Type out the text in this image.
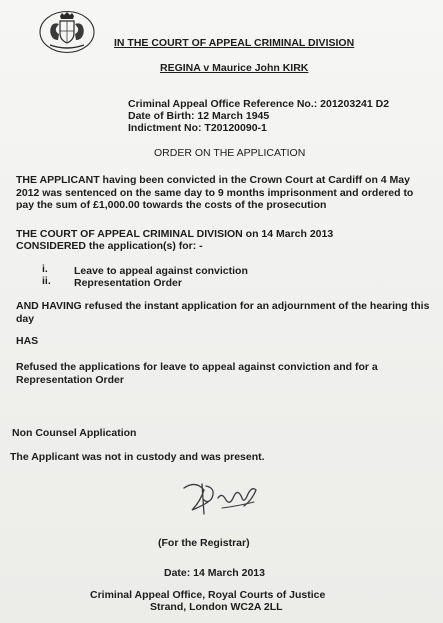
IN THE COURT OF APPEAL CRIMINAL DIVISION
REGINA v Maurice John KIRK
Criminal Appeal Office Reference No.: 201203241 D2
Date of Birth: 12 March 1945
Indictment No: T20120090-1
ORDER ON THE APPLICATION
THE APPLICANT having been convicted in the Crown Court at Cardiff on 4 May 2012 was sentenced on the same day to 9 months imprisonment and ordered to pay the sum of £1,000.00 towards the costs of the prosecution
THE COURT OF APPEAL CRIMINAL DIVISION on 14 March 2013
CONSIDERED the application(s) for: -
i. Leave to appeal against conviction
ii. Representation Order
AND HAVING refused the instant application for an adjournment of the hearing this day
HAS
Refused the applications for leave to appeal against conviction and for a Representation Order
Non Counsel Application
The Applicant was not in custody and was present.
(For the Registrar)
Date: 14 March 2013
Criminal Appeal Office, Royal Courts of Justice
Strand, London WC2A 2LL
